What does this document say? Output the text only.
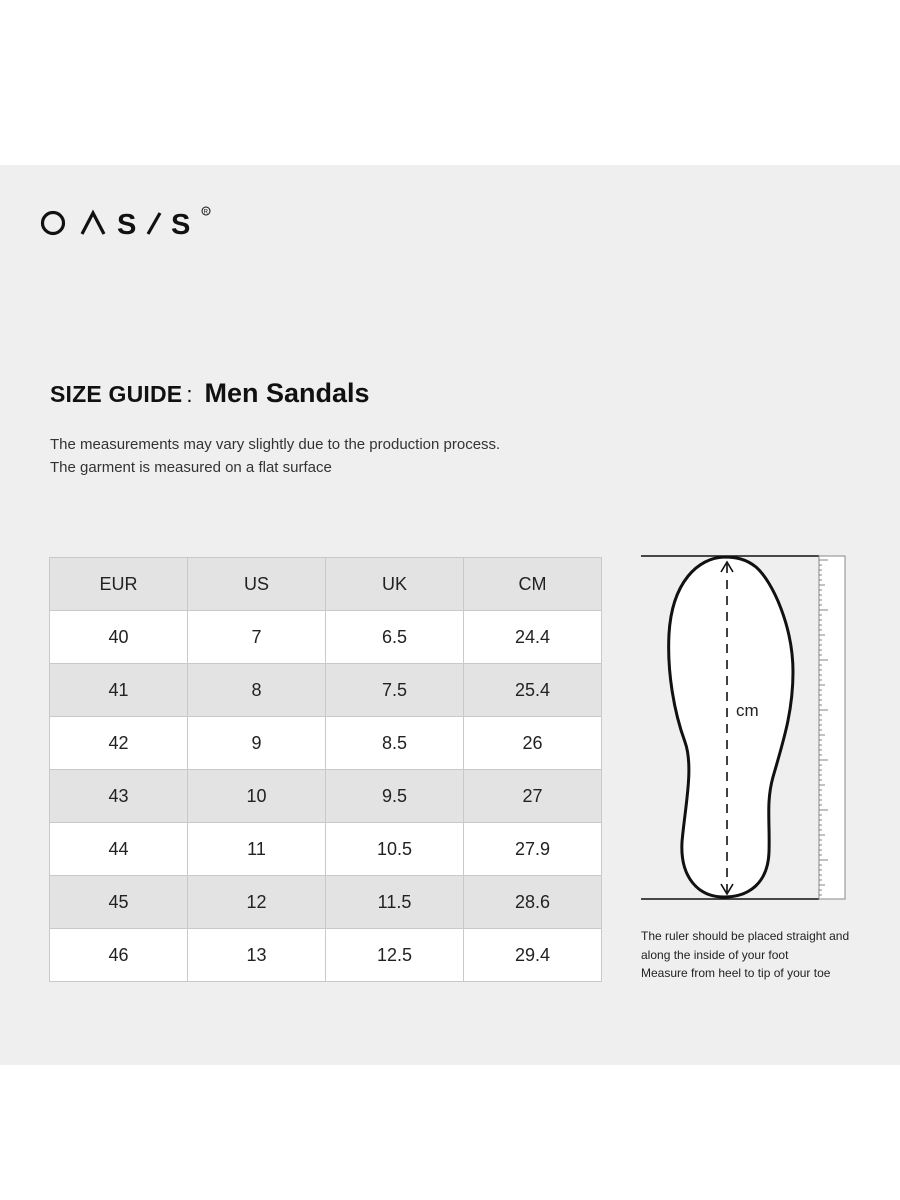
S S R
SIZE GUIDE : Men Sandals
The measurements may vary slightly due to the production process.
The garment is measured on a flat surface
EUR	US	UK	CM
40	7	6.5	24.4
41	8	7.5	25.4
42	9	8.5	26
43	10	9.5	27
44	11	10.5	27.9
45	12	11.5	28.6
46	13	12.5	29.4
cm
The ruler should be placed straight and
along the inside of your foot
Measure from heel to tip of your toe
